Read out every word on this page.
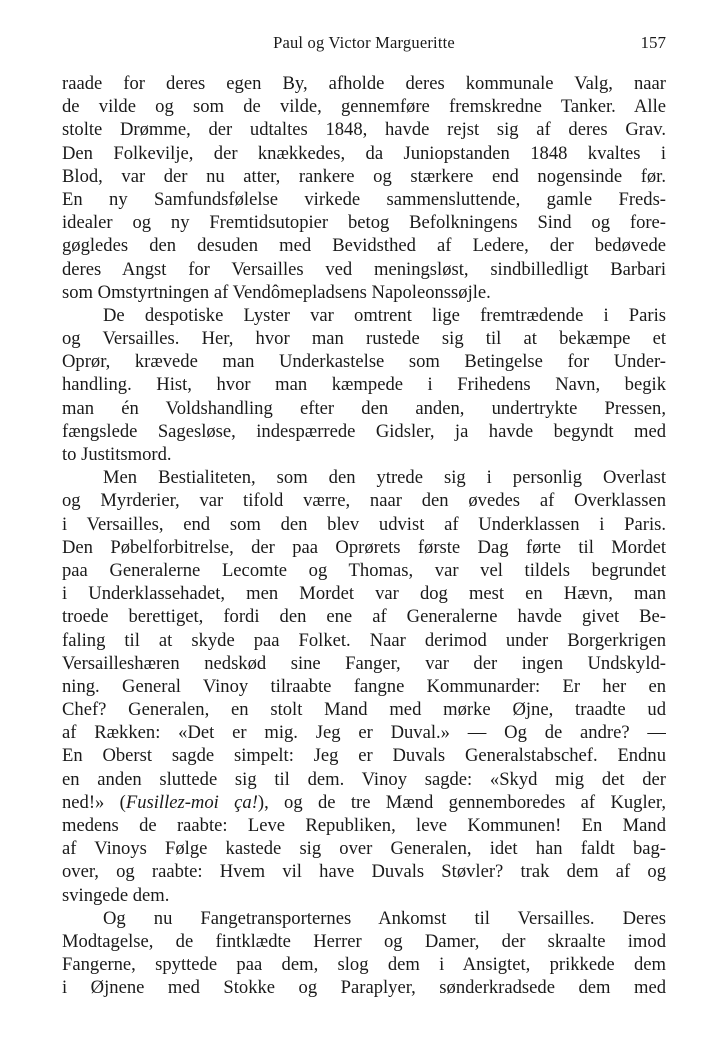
Paul og Victor Margueritte	157
raade for deres egen By, afholde deres kommunale Valg, naar
de vilde og som de vilde, gennemføre fremskredne Tanker. Alle
stolte Drømme, der udtaltes 1848, havde rejst sig af deres Grav.
Den Folkevilje, der knækkedes, da Juniopstanden 1848 kvaltes i
Blod, var der nu atter, rankere og stærkere end nogensinde før.
En ny Samfundsfølelse virkede sammensluttende, gamle Freds-
idealer og ny Fremtidsutopier betog Befolkningens Sind og fore-
gøgledes den desuden med Bevidsthed af Ledere, der bedøvede
deres Angst for Versailles ved meningsløst, sindbilledligt Barbari
som Omstyrtningen af Vendômepladsens Napoleonssøjle.
De despotiske Lyster var omtrent lige fremtrædende i Paris
og Versailles. Her, hvor man rustede sig til at bekæmpe et
Oprør, krævede man Underkastelse som Betingelse for Under-
handling. Hist, hvor man kæmpede i Frihedens Navn, begik
man én Voldshandling efter den anden, undertrykte Pressen,
fængslede Sagesløse, indespærrede Gidsler, ja havde begyndt med
to Justitsmord.
Men Bestialiteten, som den ytrede sig i personlig Overlast
og Myrderier, var tifold værre, naar den øvedes af Overklassen
i Versailles, end som den blev udvist af Underklassen i Paris.
Den Pøbelforbitrelse, der paa Oprørets første Dag førte til Mordet
paa Generalerne Lecomte og Thomas, var vel tildels begrundet
i Underklassehadet, men Mordet var dog mest en Hævn, man
troede berettiget, fordi den ene af Generalerne havde givet Be-
faling til at skyde paa Folket. Naar derimod under Borgerkrigen
Versailleshæren nedskød sine Fanger, var der ingen Undskyld-
ning. General Vinoy tilraabte fangne Kommunarder: Er her en
Chef? Generalen, en stolt Mand med mørke Øjne, traadte ud
af Rækken: «Det er mig. Jeg er Duval.» — Og de andre? —
En Oberst sagde simpelt: Jeg er Duvals Generalstabschef. Endnu
en anden sluttede sig til dem. Vinoy sagde: «Skyd mig det der
ned!» (Fusillez-moi ça!), og de tre Mænd gennemboredes af Kugler,
medens de raabte: Leve Republiken, leve Kommunen! En Mand
af Vinoys Følge kastede sig over Generalen, idet han faldt bag-
over, og raabte: Hvem vil have Duvals Støvler? trak dem af og
svingede dem.
Og nu Fangetransporternes Ankomst til Versailles. Deres
Modtagelse, de fintklædte Herrer og Damer, der skraalte imod
Fangerne, spyttede paa dem, slog dem i Ansigtet, prikkede dem
i Øjnene med Stokke og Paraplyer, sønderkradsede dem med
